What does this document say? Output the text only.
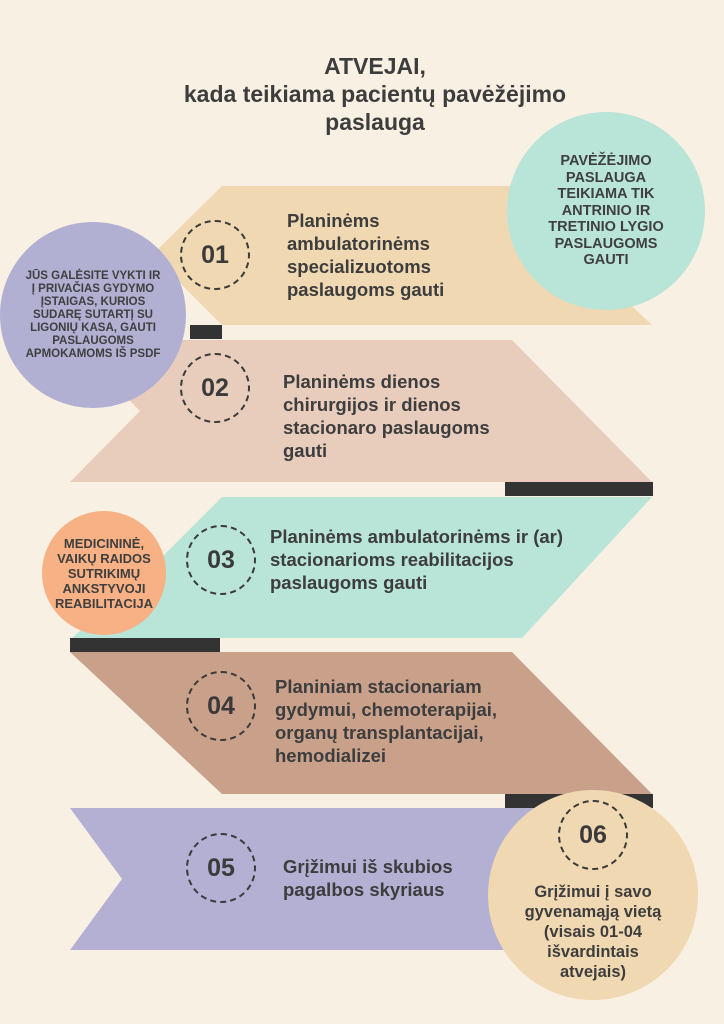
ATVEJAI,
kada teikiama pacientų pavėžėjimo
paslauga
01
Planinėms ambulatorinėms specializuotoms paslaugoms gauti
02	Planinėms dienos chirurgijos ir dienos stacionaro paslaugoms gauti
03
Planinėms ambulatorinėms ir (ar) stacionarioms reabilitacijos paslaugoms gauti
04
Planiniam stacionariam gydymui, chemoterapijai, organų transplantacijai, hemodializei
05	Grįžimui iš skubios pagalbos skyriaus
JŪS GALĖSITE VYKTI IR Į PRIVAČIAS GYDYMO ĮSTAIGAS, KURIOS SUDARĘ SUTARTĮ SU LIGONIŲ KASA, GAUTI PASLAUGOMS APMOKAMOMS IŠ PSDF
PAVĖŽĖJIMO PASLAUGA TEIKIAMA TIK ANTRINIO IR TRETINIO LYGIO PASLAUGOMS GAUTI
MEDICININĖ, VAIKŲ RAIDOS SUTRIKIMŲ ANKSTYVOJI REABILITACIJA
06
Grįžimui į savo gyvenamąją vietą (visais 01-04 išvardintais atvejais)
